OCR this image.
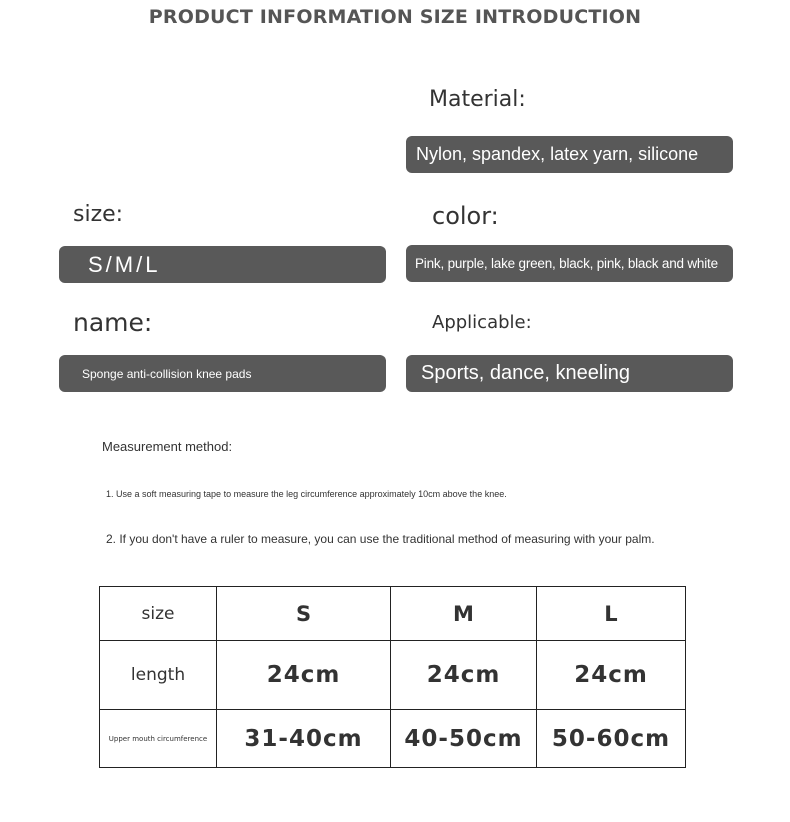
PRODUCT INFORMATION SIZE INTRODUCTION
Material:
Nylon, spandex, latex yarn, silicone
size:
S/M/L
color:
Pink, purple, lake green, black, pink, black and white
name:
Sponge anti-collision knee pads
Applicable:
Sports, dance, kneeling
Measurement method:
1. Use a soft measuring tape to measure the leg circumference approximately 10cm above the knee.
2. If you don't have a ruler to measure, you can use the traditional method of measuring with your palm.
size	S	M	L
length	24cm	24cm	24cm
Upper mouth circumference	31-40cm	40-50cm	50-60cm
